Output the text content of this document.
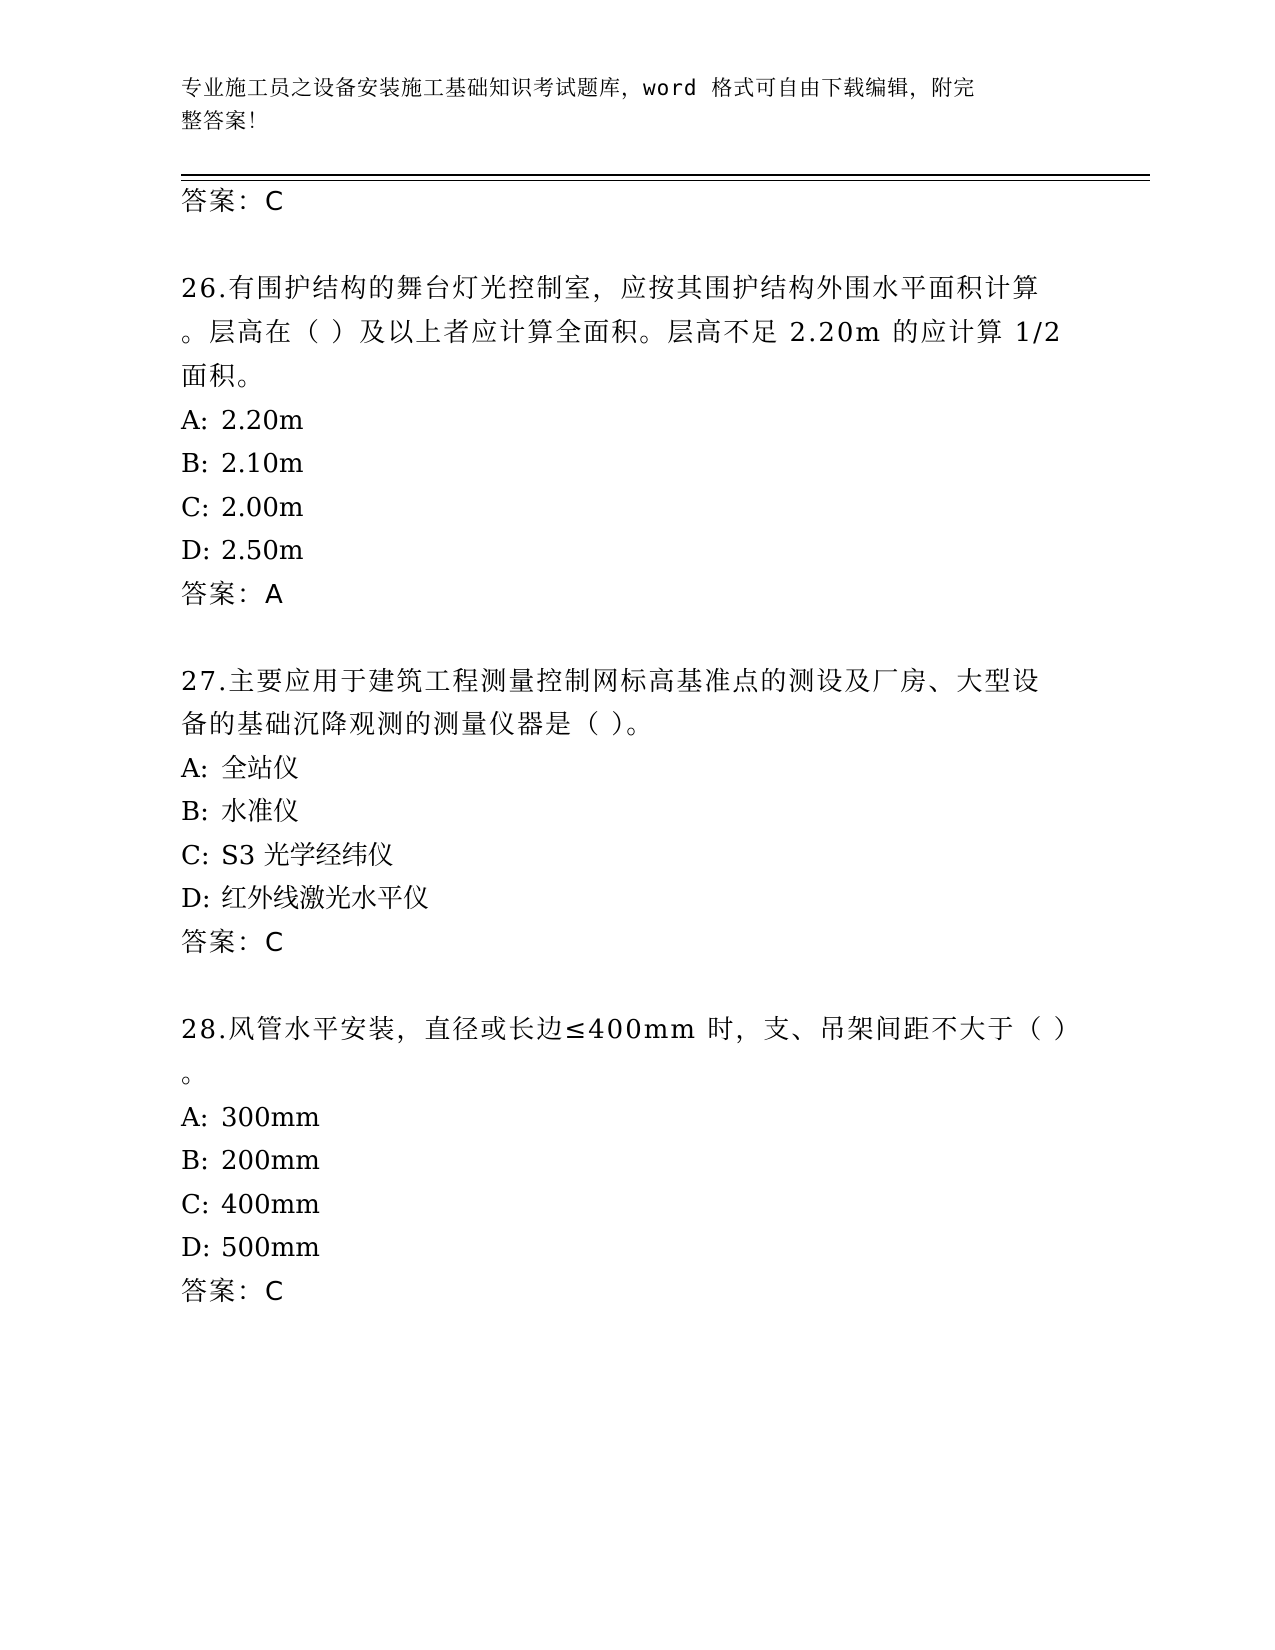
专业施工员之设备安装施工基础知识考试题库，word 格式可自由下载编辑，附完
整答案！
答案：C
26.有围护结构的舞台灯光控制室，应按其围护结构外围水平面积计算
。层高在（ ）及以上者应计算全面积。层高不足 2.20m 的应计算 1/2
面积。
A: 2.20m
B: 2.10m
C: 2.00m
D: 2.50m
答案：A
27.主要应用于建筑工程测量控制网标高基准点的测设及厂房、大型设
备的基础沉降观测的测量仪器是（ ）。
A: 全站仪
B: 水准仪
C: S3 光学经纬仪
D: 红外线激光水平仪
答案：C
28.风管水平安装，直径或长边≤400mm 时，支、吊架间距不大于（ ）
。
A: 300mm
B: 200mm
C: 400mm
D: 500mm
答案：C
